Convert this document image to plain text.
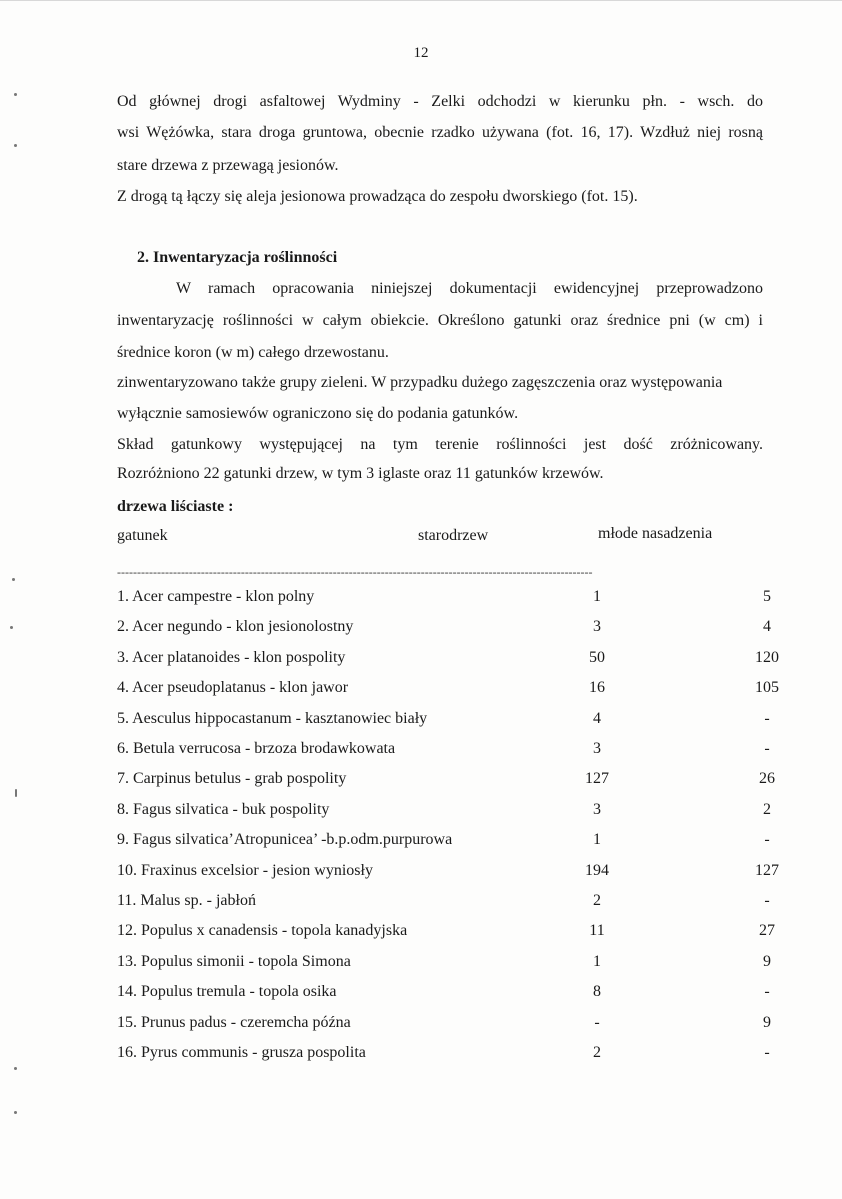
12
Od głównej drogi asfaltowej Wydminy - Zelki odchodzi w kierunku płn. - wsch. do
wsi Wężówka, stara droga gruntowa, obecnie rzadko używana (fot. 16, 17). Wzdłuż niej rosną
stare drzewa z przewagą jesionów.
Z drogą tą łączy się aleja jesionowa prowadząca do zespołu dworskiego (fot. 15).
2. Inwentaryzacja roślinności
W ramach opracowania niniejszej dokumentacji ewidencyjnej przeprowadzono
inwentaryzację roślinności w całym obiekcie. Określono gatunki oraz średnice pni (w cm) i
średnice koron (w m) całego drzewostanu.
zinwentaryzowano także grupy zieleni. W przypadku dużego zagęszczenia oraz występowania
wyłącznie samosiewów ograniczono się do podania gatunków.
Skład gatunkowy występującej na tym terenie roślinności jest dość zróżnicowany.
Rozróżniono 22 gatunki drzew, w tym 3 iglaste oraz 11 gatunków krzewów.
drzewa liściaste :
gatunek	starodrzew	młode nasadzenia
-----------------------------------------------------------------------------------------------------------------------
1. Acer campestre - klon polny	1	5
2. Acer negundo - klon jesionolostny	3	4
3. Acer platanoides - klon pospolity	50	120
4. Acer pseudoplatanus - klon jawor	16	105
5. Aesculus hippocastanum - kasztanowiec biały	4	-
6. Betula verrucosa - brzoza brodawkowata	3	-
7. Carpinus betulus - grab pospolity	127	26
8. Fagus silvatica - buk pospolity	3	2
9. Fagus silvatica’Atropunicea’ -b.p.odm.purpurowa	1	-
10. Fraxinus excelsior - jesion wyniosły	194	127
11. Malus sp. - jabłoń	2	-
12. Populus x canadensis - topola kanadyjska	11	27
13. Populus simonii - topola Simona	1	9
14. Populus tremula - topola osika	8	-
15. Prunus padus - czeremcha późna	-	9
16. Pyrus communis - grusza pospolita	2	-
